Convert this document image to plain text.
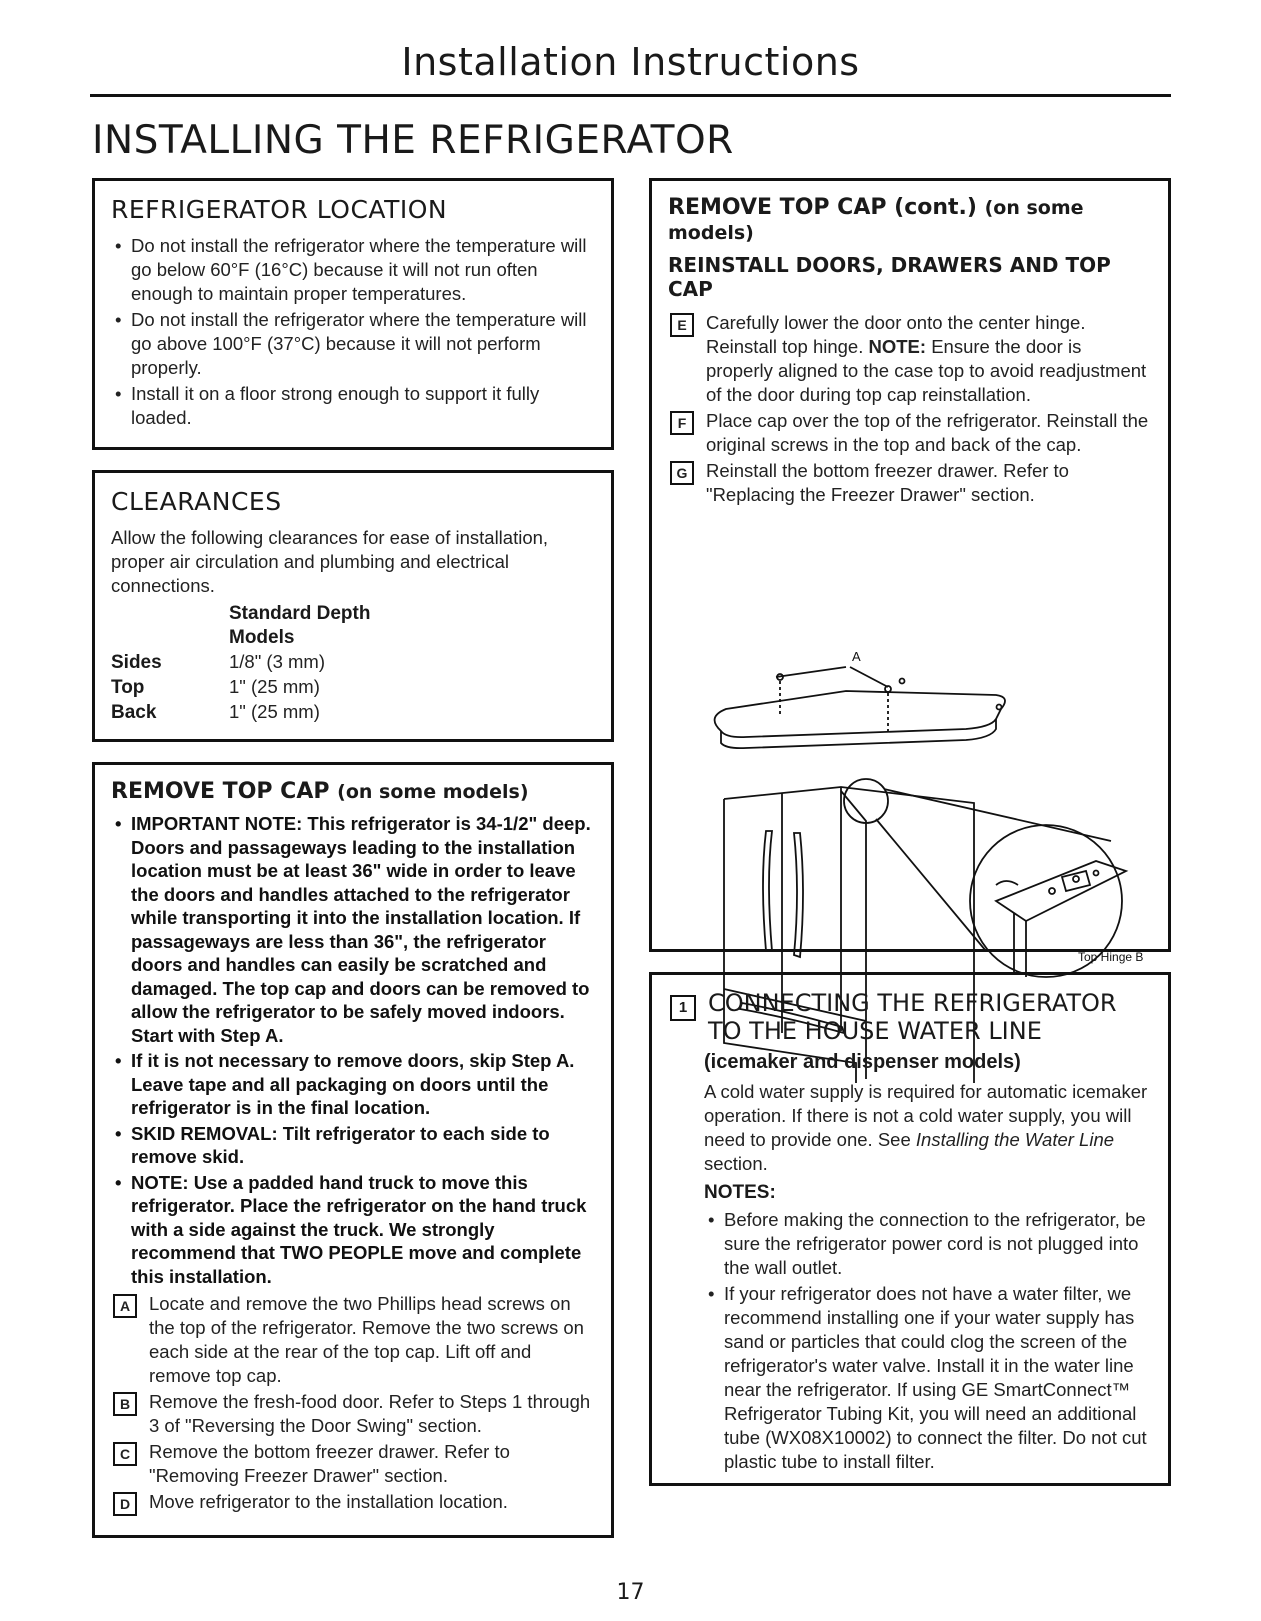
Installation Instructions
INSTALLING THE REFRIGERATOR
REFRIGERATOR LOCATION
• Do not install the refrigerator where the temperature will go below 60°F (16°C) because it will not run often enough to maintain proper temperatures.
• Do not install the refrigerator where the temperature will go above 100°F (37°C) because it will not perform properly.
• Install it on a floor strong enough to support it fully loaded.
CLEARANCES
Allow the following clearances for ease of installation, proper air circulation and plumbing and electrical connections.
Standard Depth
Models
Sides	1/8" (3 mm)
Top	1" (25 mm)
Back	1" (25 mm)
REMOVE TOP CAP (on some models)
• IMPORTANT NOTE: This refrigerator is 34-1/2" deep. Doors and passageways leading to the installation location must be at least 36" wide in order to leave the doors and handles attached to the refrigerator while transporting it into the installation location. If passageways are less than 36", the refrigerator doors and handles can easily be scratched and damaged. The top cap and doors can be removed to allow the refrigerator to be safely moved indoors. Start with Step A.
• If it is not necessary to remove doors, skip Step A. Leave tape and all packaging on doors until the refrigerator is in the final location.
• SKID REMOVAL: Tilt refrigerator to each side to remove skid.
• NOTE: Use a padded hand truck to move this refrigerator. Place the refrigerator on the hand truck with a side against the truck. We strongly recommend that TWO PEOPLE move and complete this installation.
A	Locate and remove the two Phillips head screws on the top of the refrigerator. Remove the two screws on each side at the rear of the top cap. Lift off and remove top cap.
B	Remove the fresh-food door. Refer to Steps 1 through 3 of "Reversing the Door Swing" section.
C	Remove the bottom freezer drawer. Refer to "Removing Freezer Drawer" section.
D	Move refrigerator to the installation location.
REMOVE TOP CAP (cont.) (on some models)
REINSTALL DOORS, DRAWERS AND TOP CAP
E	Carefully lower the door onto the center hinge. Reinstall top hinge. NOTE: Ensure the door is properly aligned to the case top to avoid readjustment of the door during top cap reinstallation.
F	Place cap over the top of the refrigerator. Reinstall the original screws in the top and back of the cap.
G	Reinstall the bottom freezer drawer. Refer to "Replacing the Freezer Drawer" section.
A
Top Hinge B
1 CONNECTING THE REFRIGERATOR
TO THE HOUSE WATER LINE
(icemaker and dispenser models)
A cold water supply is required for automatic icemaker operation. If there is not a cold water supply, you will need to provide one. See Installing the Water Line section.
NOTES:
• Before making the connection to the refrigerator, be sure the refrigerator power cord is not plugged into the wall outlet.
• If your refrigerator does not have a water filter, we recommend installing one if your water supply has sand or particles that could clog the screen of the refrigerator's water valve. Install it in the water line near the refrigerator. If using GE SmartConnect™ Refrigerator Tubing Kit, you will need an additional tube (WX08X10002) to connect the filter. Do not cut plastic tube to install filter.
17
